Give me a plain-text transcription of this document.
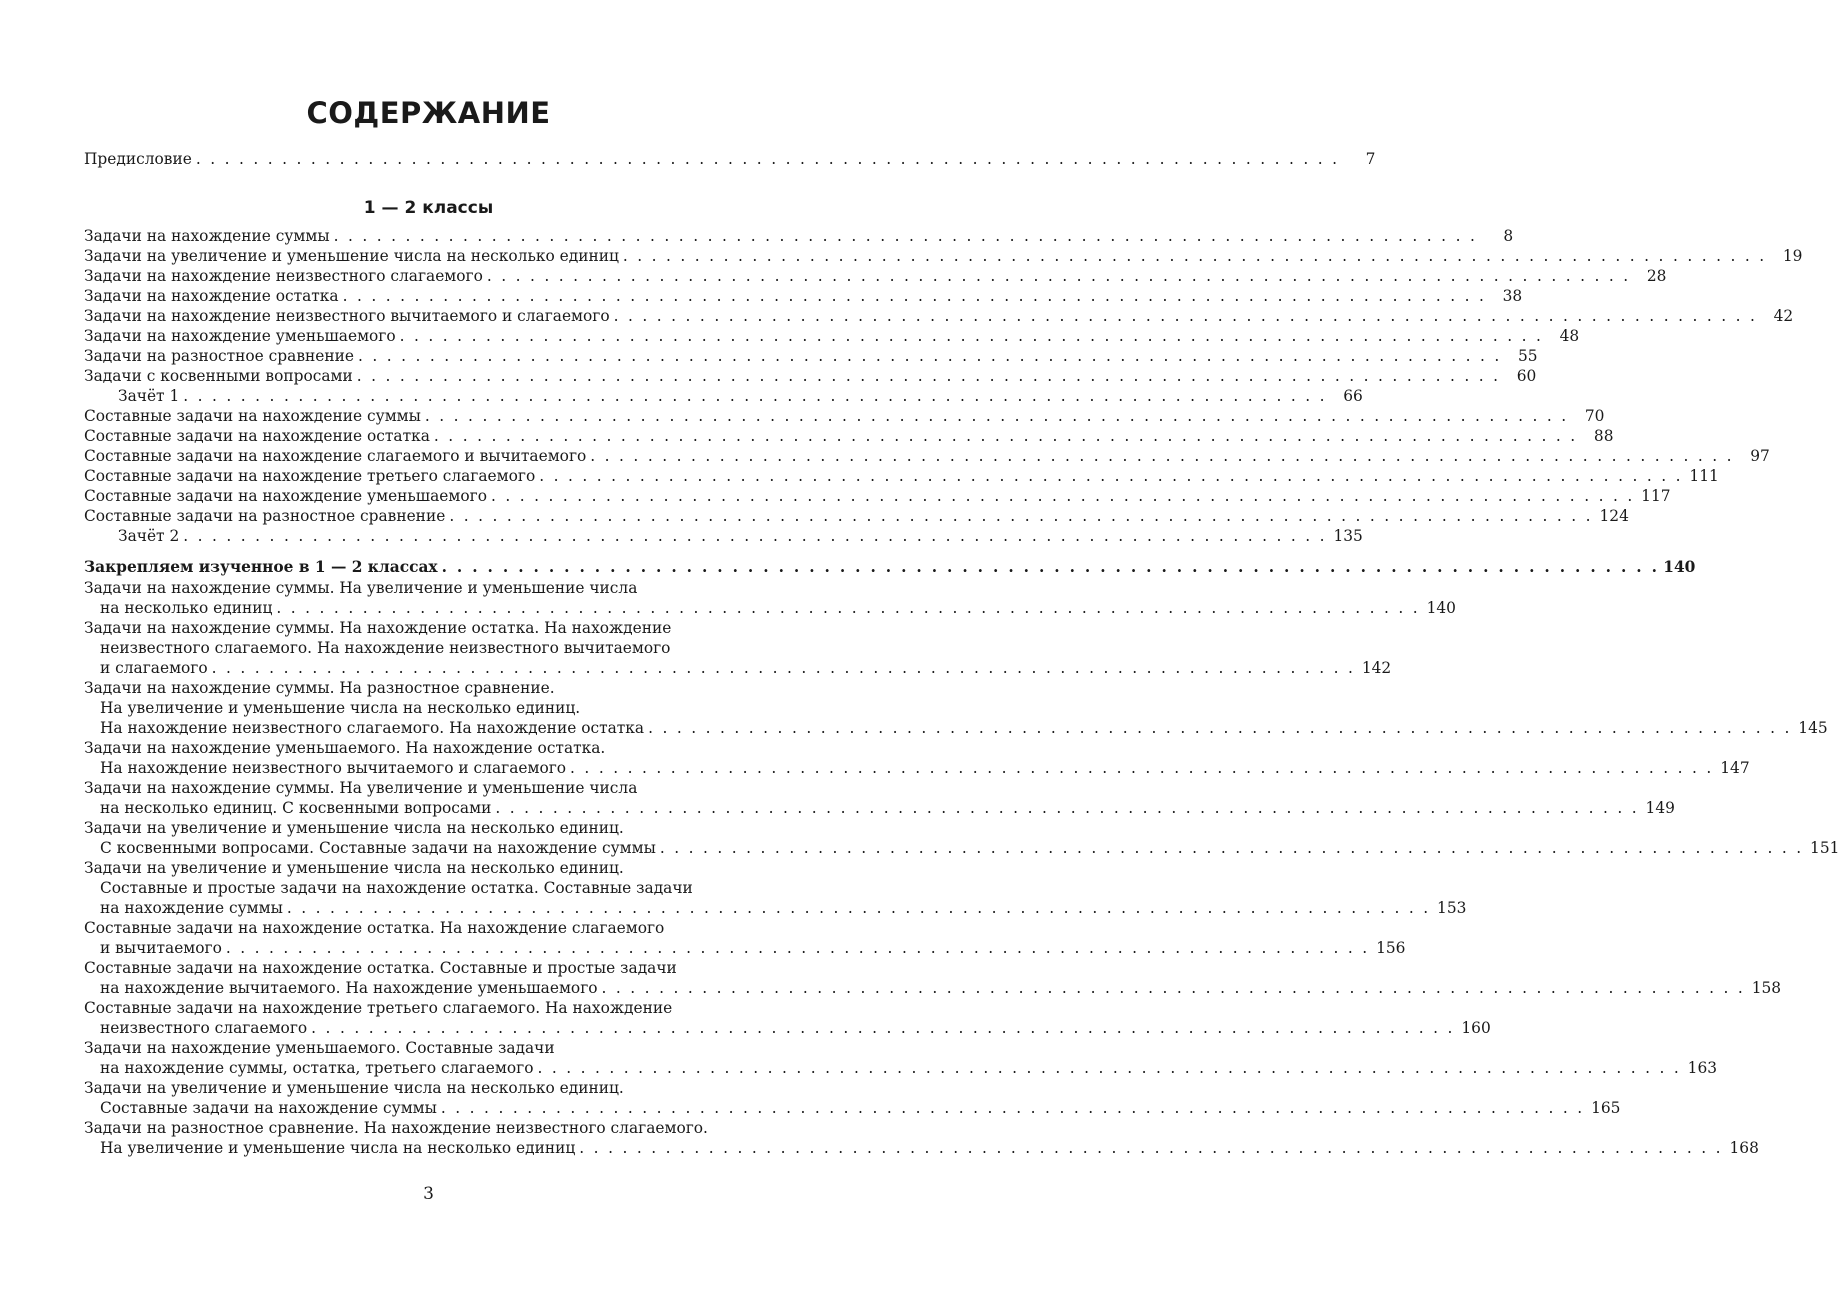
СОДЕРЖАНИЕ
Предисловие . . . . . . . . . . . . . . . . . . . . . . . . . . . . . . . . . . . . . . . . . . . . . . . . . . . . . . . . . . . . . . . . . . . . . . . . . . . . . . . .	7
1 — 2 классы
Задачи на нахождение суммы . . . . . . . . . . . . . . . . . . . . . . . . . . . . . . . . . . . . . . . . . . . . . . . . . . . . . . . . . . . . . . . . . . . . . . . . . . . . . . . .	8
Задачи на увеличение и уменьшение числа на несколько единиц . . . . . . . . . . . . . . . . . . . . . . . . . . . . . . . . . . . . . . . . . . . . . . . . . . . . . . . . . . . . . . . . . . . . . . . . . . . . . . . .	19
Задачи на нахождение неизвестного слагаемого . . . . . . . . . . . . . . . . . . . . . . . . . . . . . . . . . . . . . . . . . . . . . . . . . . . . . . . . . . . . . . . . . . . . . . . . . . . . . . . .	28
Задачи на нахождение остатка . . . . . . . . . . . . . . . . . . . . . . . . . . . . . . . . . . . . . . . . . . . . . . . . . . . . . . . . . . . . . . . . . . . . . . . . . . . . . . . .	38
Задачи на нахождение неизвестного вычитаемого и слагаемого . . . . . . . . . . . . . . . . . . . . . . . . . . . . . . . . . . . . . . . . . . . . . . . . . . . . . . . . . . . . . . . . . . . . . . . . . . . . . . . .	42
Задачи на нахождение уменьшаемого . . . . . . . . . . . . . . . . . . . . . . . . . . . . . . . . . . . . . . . . . . . . . . . . . . . . . . . . . . . . . . . . . . . . . . . . . . . . . . . .	48
Задачи на разностное сравнение . . . . . . . . . . . . . . . . . . . . . . . . . . . . . . . . . . . . . . . . . . . . . . . . . . . . . . . . . . . . . . . . . . . . . . . . . . . . . . . .	55
Задачи с косвенными вопросами . . . . . . . . . . . . . . . . . . . . . . . . . . . . . . . . . . . . . . . . . . . . . . . . . . . . . . . . . . . . . . . . . . . . . . . . . . . . . . . .	60
Зачёт 1 . . . . . . . . . . . . . . . . . . . . . . . . . . . . . . . . . . . . . . . . . . . . . . . . . . . . . . . . . . . . . . . . . . . . . . . . . . . . . . . .	66
Составные задачи на нахождение суммы . . . . . . . . . . . . . . . . . . . . . . . . . . . . . . . . . . . . . . . . . . . . . . . . . . . . . . . . . . . . . . . . . . . . . . . . . . . . . . . .	70
Составные задачи на нахождение остатка . . . . . . . . . . . . . . . . . . . . . . . . . . . . . . . . . . . . . . . . . . . . . . . . . . . . . . . . . . . . . . . . . . . . . . . . . . . . . . . .	88
Составные задачи на нахождение слагаемого и вычитаемого . . . . . . . . . . . . . . . . . . . . . . . . . . . . . . . . . . . . . . . . . . . . . . . . . . . . . . . . . . . . . . . . . . . . . . . . . . . . . . . .	97
Составные задачи на нахождение третьего слагаемого . . . . . . . . . . . . . . . . . . . . . . . . . . . . . . . . . . . . . . . . . . . . . . . . . . . . . . . . . . . . . . . . . . . . . . . . . . . . . . . . 111
Составные задачи на нахождение уменьшаемого . . . . . . . . . . . . . . . . . . . . . . . . . . . . . . . . . . . . . . . . . . . . . . . . . . . . . . . . . . . . . . . . . . . . . . . . . . . . . . . . 117
Составные задачи на разностное сравнение . . . . . . . . . . . . . . . . . . . . . . . . . . . . . . . . . . . . . . . . . . . . . . . . . . . . . . . . . . . . . . . . . . . . . . . . . . . . . . . . 124
Зачёт 2 . . . . . . . . . . . . . . . . . . . . . . . . . . . . . . . . . . . . . . . . . . . . . . . . . . . . . . . . . . . . . . . . . . . . . . . . . . . . . . . . 135
Закрепляем изученное в 1 — 2 классах . . . . . . . . . . . . . . . . . . . . . . . . . . . . . . . . . . . . . . . . . . . . . . . . . . . . . . . . . . . . . . . . . . . . . . . . . . . . . . . . 140
Задачи на нахождение суммы. На увеличение и уменьшение числа
на несколько единиц . . . . . . . . . . . . . . . . . . . . . . . . . . . . . . . . . . . . . . . . . . . . . . . . . . . . . . . . . . . . . . . . . . . . . . . . . . . . . . . . 140
Задачи на нахождение суммы. На нахождение остатка. На нахождение
неизвестного слагаемого. На нахождение неизвестного вычитаемого
и слагаемого . . . . . . . . . . . . . . . . . . . . . . . . . . . . . . . . . . . . . . . . . . . . . . . . . . . . . . . . . . . . . . . . . . . . . . . . . . . . . . . . 142
Задачи на нахождение суммы. На разностное сравнение.
На увеличение и уменьшение числа на несколько единиц.
На нахождение неизвестного слагаемого. На нахождение остатка . . . . . . . . . . . . . . . . . . . . . . . . . . . . . . . . . . . . . . . . . . . . . . . . . . . . . . . . . . . . . . . . . . . . . . . . . . . . . . . . 145
Задачи на нахождение уменьшаемого. На нахождение остатка.
На нахождение неизвестного вычитаемого и слагаемого . . . . . . . . . . . . . . . . . . . . . . . . . . . . . . . . . . . . . . . . . . . . . . . . . . . . . . . . . . . . . . . . . . . . . . . . . . . . . . . . 147
Задачи на нахождение суммы. На увеличение и уменьшение числа
на несколько единиц. С косвенными вопросами . . . . . . . . . . . . . . . . . . . . . . . . . . . . . . . . . . . . . . . . . . . . . . . . . . . . . . . . . . . . . . . . . . . . . . . . . . . . . . . . 149
Задачи на увеличение и уменьшение числа на несколько единиц.
С косвенными вопросами. Составные задачи на нахождение суммы . . . . . . . . . . . . . . . . . . . . . . . . . . . . . . . . . . . . . . . . . . . . . . . . . . . . . . . . . . . . . . . . . . . . . . . . . . . . . . . . 151
Задачи на увеличение и уменьшение числа на несколько единиц.
Составные и простые задачи на нахождение остатка. Составные задачи
на нахождение суммы . . . . . . . . . . . . . . . . . . . . . . . . . . . . . . . . . . . . . . . . . . . . . . . . . . . . . . . . . . . . . . . . . . . . . . . . . . . . . . . . 153
Составные задачи на нахождение остатка. На нахождение слагаемого
и вычитаемого . . . . . . . . . . . . . . . . . . . . . . . . . . . . . . . . . . . . . . . . . . . . . . . . . . . . . . . . . . . . . . . . . . . . . . . . . . . . . . . . 156
Составные задачи на нахождение остатка. Составные и простые задачи
на нахождение вычитаемого. На нахождение уменьшаемого . . . . . . . . . . . . . . . . . . . . . . . . . . . . . . . . . . . . . . . . . . . . . . . . . . . . . . . . . . . . . . . . . . . . . . . . . . . . . . . . 158
Составные задачи на нахождение третьего слагаемого. На нахождение
неизвестного слагаемого . . . . . . . . . . . . . . . . . . . . . . . . . . . . . . . . . . . . . . . . . . . . . . . . . . . . . . . . . . . . . . . . . . . . . . . . . . . . . . . . 160
Задачи на нахождение уменьшаемого. Составные задачи
на нахождение суммы, остатка, третьего слагаемого . . . . . . . . . . . . . . . . . . . . . . . . . . . . . . . . . . . . . . . . . . . . . . . . . . . . . . . . . . . . . . . . . . . . . . . . . . . . . . . . 163
Задачи на увеличение и уменьшение числа на несколько единиц.
Составные задачи на нахождение суммы . . . . . . . . . . . . . . . . . . . . . . . . . . . . . . . . . . . . . . . . . . . . . . . . . . . . . . . . . . . . . . . . . . . . . . . . . . . . . . . . 165
Задачи на разностное сравнение. На нахождение неизвестного слагаемого.
На увеличение и уменьшение числа на несколько единиц . . . . . . . . . . . . . . . . . . . . . . . . . . . . . . . . . . . . . . . . . . . . . . . . . . . . . . . . . . . . . . . . . . . . . . . . . . . . . . . . 168
3
